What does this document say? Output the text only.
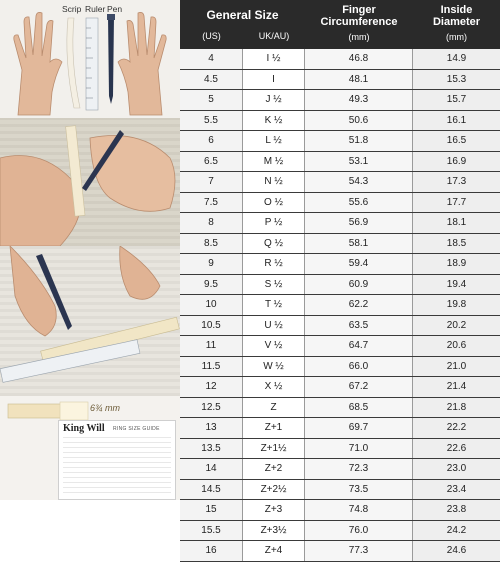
Scrip Ruler Pen
6¾ mm
King Will RING SIZE GUIDE
General Size
(US)	UK/AU)
Finger
Circumference
(mm)
Inside
Diameter
(mm)
4	I ½	46.8	14.9
4.5	I	48.1	15.3
5	J ½	49.3	15.7
5.5	K ½	50.6	16.1
6	L ½	51.8	16.5
6.5	M ½	53.1	16.9
7	N ½	54.3	17.3
7.5	O ½	55.6	17.7
8	P ½	56.9	18.1
8.5	Q ½	58.1	18.5
9	R ½	59.4	18.9
9.5	S ½	60.9	19.4
10	T ½	62.2	19.8
10.5	U ½	63.5	20.2
11	V ½	64.7	20.6
11.5	W ½	66.0	21.0
12	X ½	67.2	21.4
12.5	Z	68.5	21.8
13	Z+1	69.7	22.2
13.5	Z+1½	71.0	22.6
14	Z+2	72.3	23.0
14.5	Z+2½	73.5	23.4
15	Z+3	74.8	23.8
15.5	Z+3½	76.0	24.2
16	Z+4	77.3	24.6
